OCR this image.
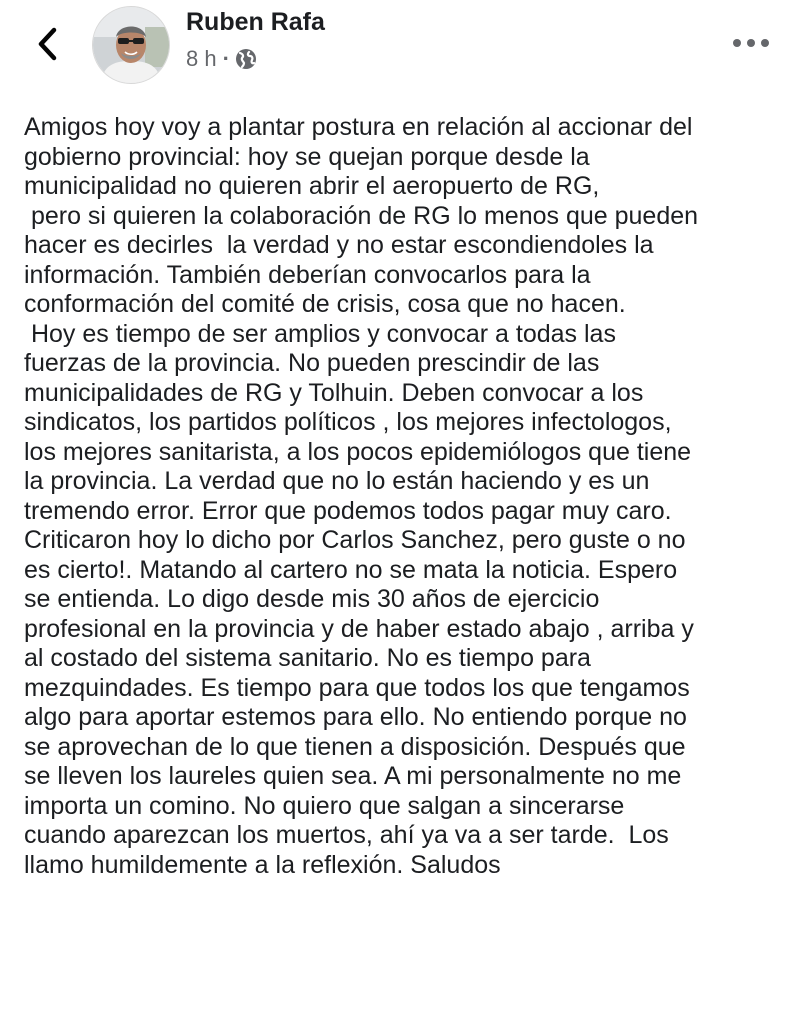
Ruben Rafa
8 h ·
Amigos hoy voy a plantar postura en relación al accionar del
gobierno provincial: hoy se quejan porque desde la
municipalidad no quieren abrir el aeropuerto de RG,
pero si quieren la colaboración de RG lo menos que pueden
hacer es decirles  la verdad y no estar escondiendoles la
información. También deberían convocarlos para la
conformación del comité de crisis, cosa que no hacen.
Hoy es tiempo de ser amplios y convocar a todas las
fuerzas de la provincia. No pueden prescindir de las
municipalidades de RG y Tolhuin. Deben convocar a los
sindicatos, los partidos políticos , los mejores infectologos,
los mejores sanitarista, a los pocos epidemiólogos que tiene
la provincia. La verdad que no lo están haciendo y es un
tremendo error. Error que podemos todos pagar muy caro.
Criticaron hoy lo dicho por Carlos Sanchez, pero guste o no
es cierto!. Matando al cartero no se mata la noticia. Espero
se entienda. Lo digo desde mis 30 años de ejercicio
profesional en la provincia y de haber estado abajo , arriba y
al costado del sistema sanitario. No es tiempo para
mezquindades. Es tiempo para que todos los que tengamos
algo para aportar estemos para ello. No entiendo porque no
se aprovechan de lo que tienen a disposición. Después que
se lleven los laureles quien sea. A mi personalmente no me
importa un comino. No quiero que salgan a sincerarse
cuando aparezcan los muertos, ahí ya va a ser tarde.  Los
llamo humildemente a la reflexión. Saludos
